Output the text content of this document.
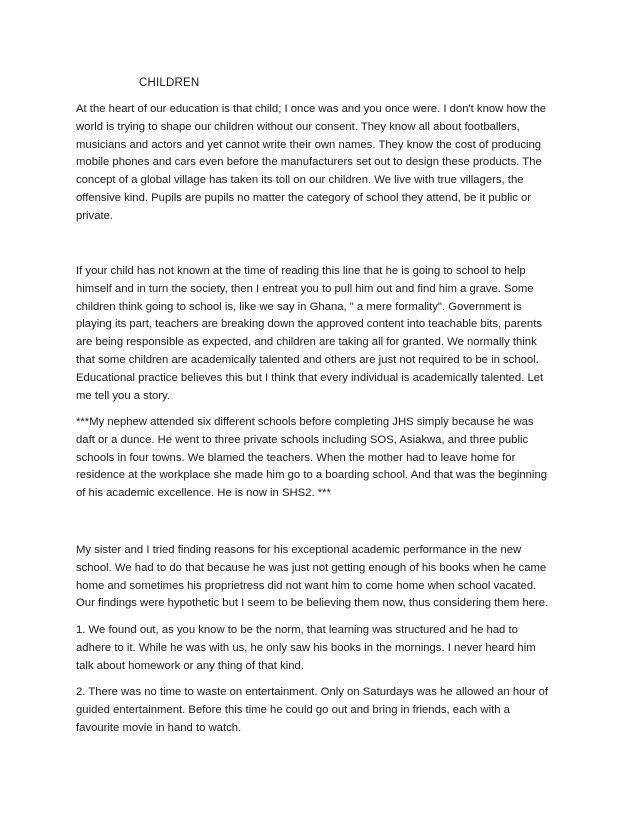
CHILDREN

At the heart of our education is that child; I once was and you once were. I don't know how the
world is trying to shape our children without our consent. They know all about footballers,
musicians and actors and yet cannot write their own names. They know the cost of producing
mobile phones and cars even before the manufacturers set out to design these products. The
concept of a global village has taken its toll on our children. We live with true villagers, the
offensive kind. Pupils are pupils no matter the category of school they attend, be it public or
private.

If your child has not known at the time of reading this line that he is going to school to help
himself and in turn the society, then I entreat you to pull him out and find him a grave. Some
children think going to school is, like we say in Ghana, " a mere formality". Government is
playing its part, teachers are breaking down the approved content into teachable bits, parents
are being responsible as expected, and children are taking all for granted. We normally think
that some children are academically talented and others are just not required to be in school.
Educational practice believes this but I think that every individual is academically talented. Let
me tell you a story.

***My nephew attended six different schools before completing JHS simply because he was
daft or a dunce. He went to three private schools including SOS, Asiakwa, and three public
schools in four towns. We blamed the teachers. When the mother had to leave home for
residence at the workplace she made him go to a boarding school. And that was the beginning
of his academic excellence. He is now in SHS2. ***

My sister and I tried finding reasons for his exceptional academic performance in the new
school. We had to do that because he was just not getting enough of his books when he came
home and sometimes his proprietress did not want him to come home when school vacated.
Our findings were hypothetic but I seem to be believing them now, thus considering them here.

1. We found out, as you know to be the norm, that learning was structured and he had to
adhere to it. While he was with us, he only saw his books in the mornings. I never heard him
talk about homework or any thing of that kind.

2. There was no time to waste on entertainment. Only on Saturdays was he allowed an hour of
guided entertainment. Before this time he could go out and bring in friends, each with a
favourite movie in hand to watch.
